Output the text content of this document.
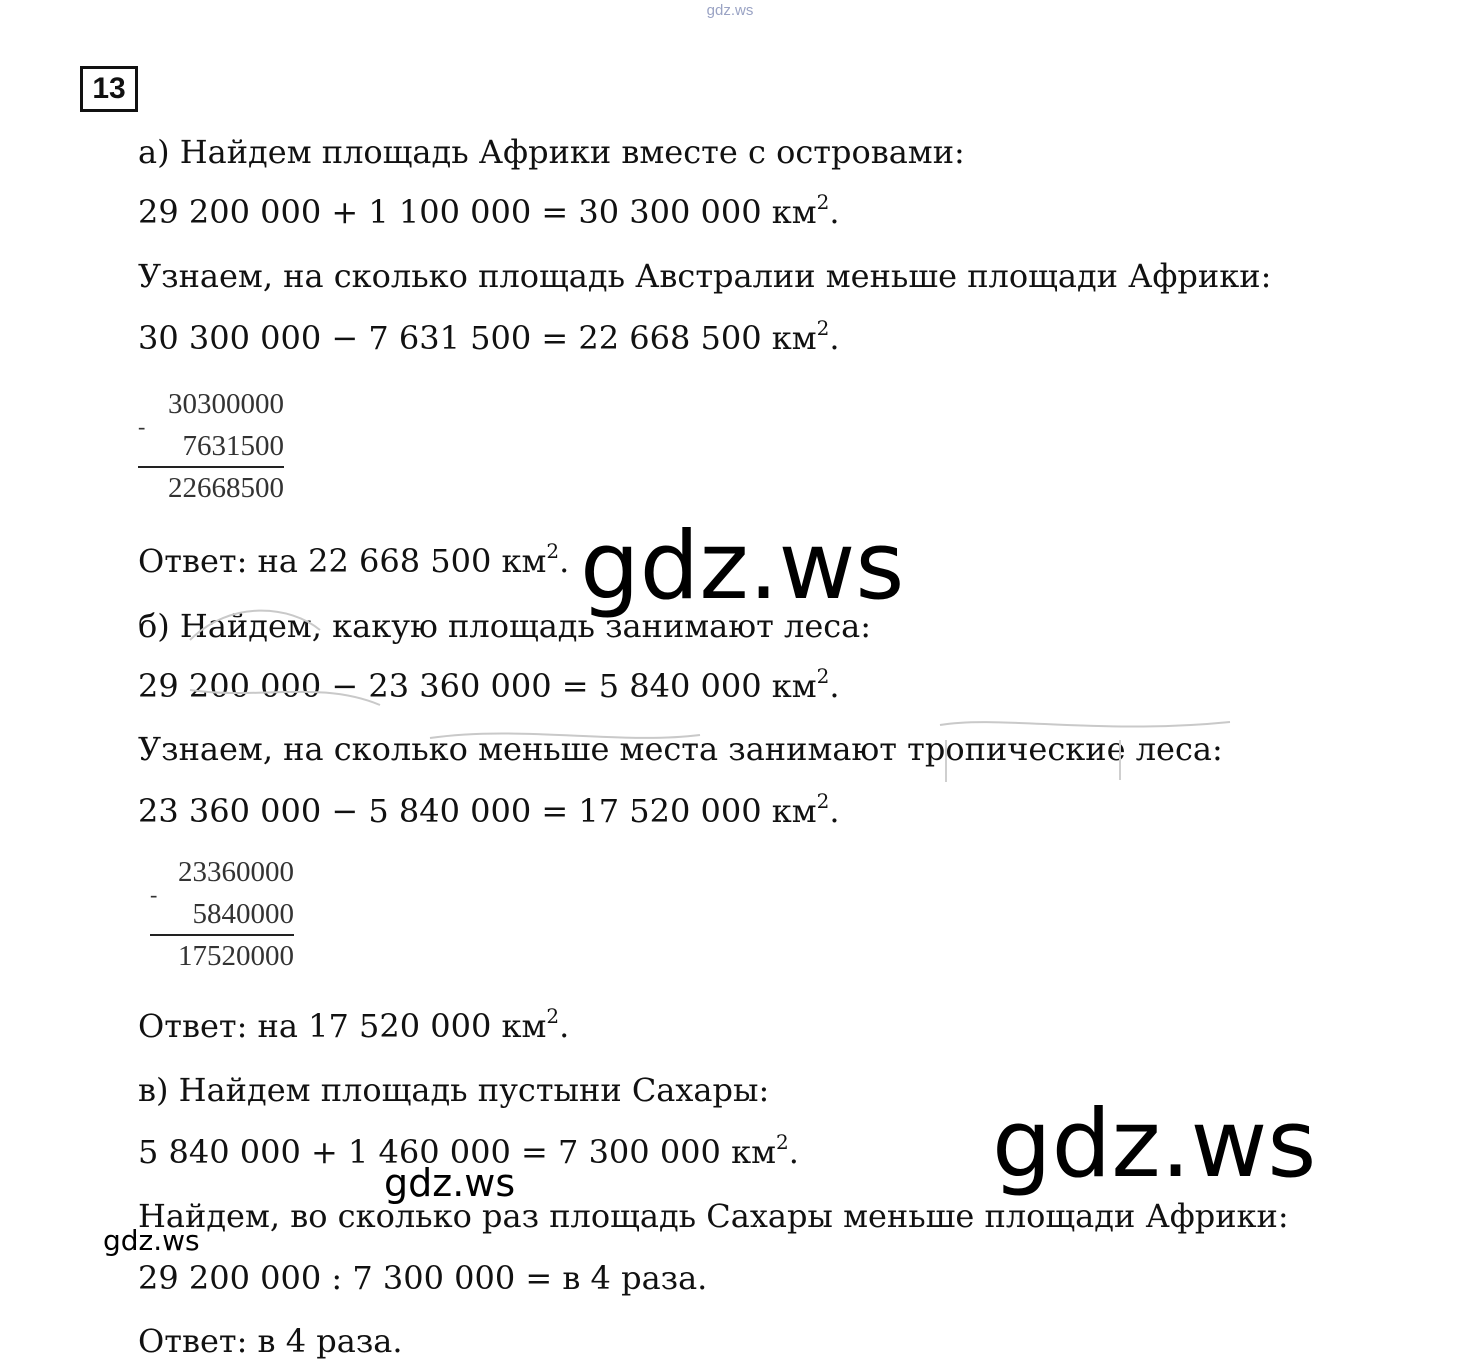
gdz.ws
13
а) Найдем площадь Африки вместе с островами:
29 200 000 + 1 100 000 = 30 300 000 $км^2$.
Узнаем, на сколько площадь Австралии меньше площади Африки:
30 300 000 − 7 631 500 = 22 668 500 $км^2$.
30300000
7631500
22668500
-
Ответ: на 22 668 500 $км^2$.
б) Найдем, какую площадь занимают леса:
29 200 000 − 23 360 000 = 5 840 000 $км^2$.
Узнаем, на сколько меньше места занимают тропические леса:
23 360 000 − 5 840 000 = 17 520 000 $км^2$.
23360000
5840000
17520000
-
Ответ: на 17 520 000 $км^2$.
в) Найдем площадь пустыни Сахары:
5 840 000 + 1 460 000 = 7 300 000 $км^2$.
Найдем, во сколько раз площадь Сахары меньше площади Африки:
29 200 000 : 7 300 000 = в 4 раза.
Ответ: в 4 раза.
gdz.ws
gdz.ws
gdz.ws
gdz.ws
